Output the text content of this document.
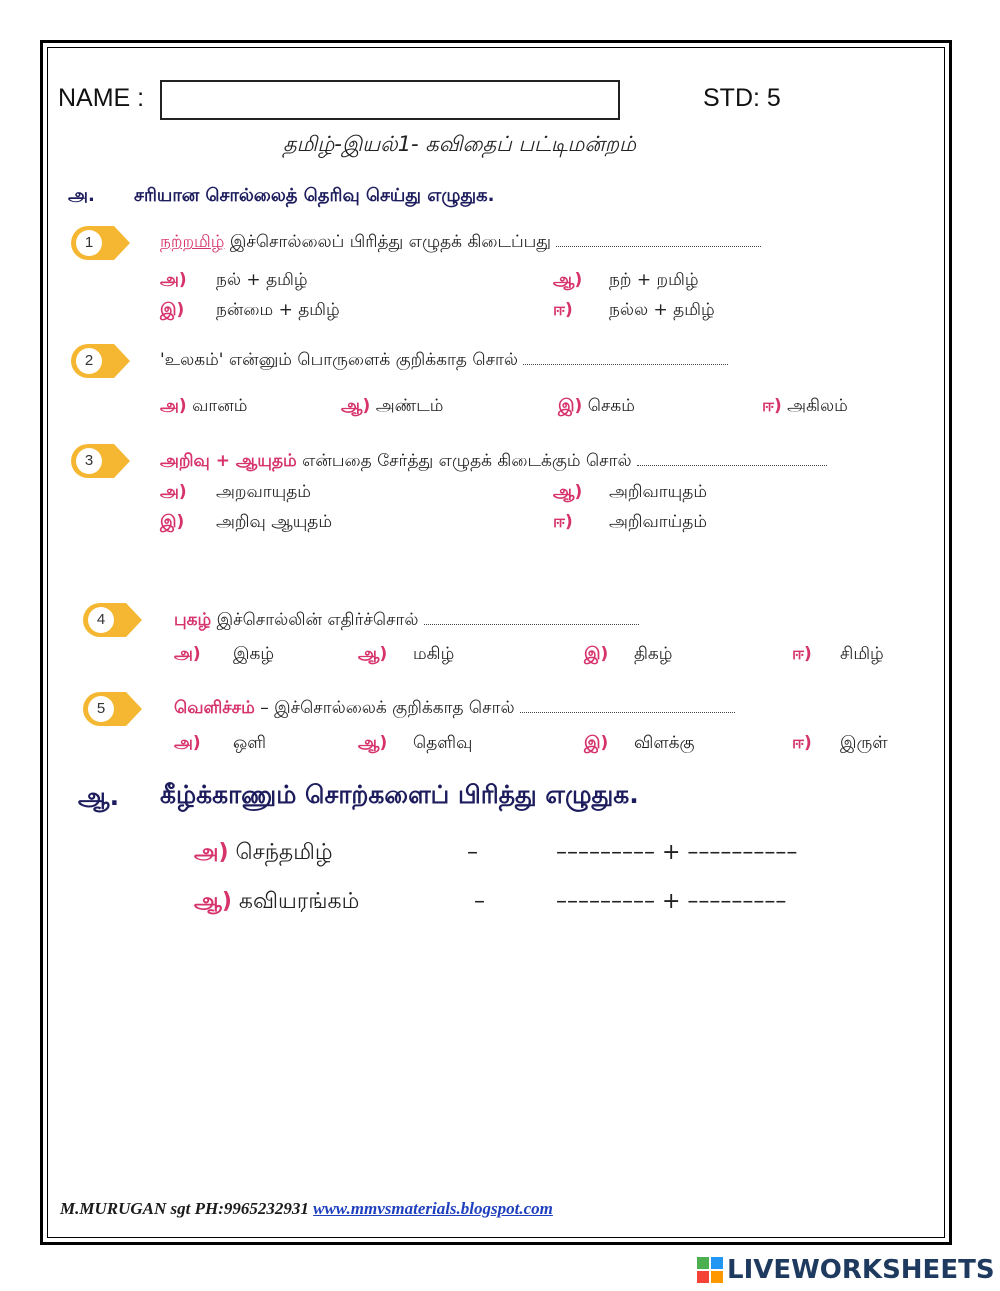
NAME :	STD: 5
தமிழ்-இயல்1- கவிதைப் பட்டிமன்றம்
அ. சரியான சொல்லைத் தெரிவு செய்து எழுதுக.
1	நற்றமிழ் இச்சொல்லைப் பிரித்து எழுதக் கிடைப்பது
அ) நல் + தமிழ்	ஆ) நற் + றமிழ்
இ) நன்மை + தமிழ்	ஈ) நல்ல + தமிழ்
2	'உலகம்' என்னும் பொருளைக் குறிக்காத சொல்
அ) வானம்	ஆ) அண்டம்	இ) செகம்	ஈ) அகிலம்
3	அறிவு + ஆயுதம் என்பதை சேர்த்து எழுதக் கிடைக்கும் சொல்
அ) அறவாயுதம்	ஆ) அறிவாயுதம்
இ) அறிவு ஆயுதம்	ஈ) அறிவாய்தம்
4	புகழ் இச்சொல்லின் எதிர்ச்சொல்
அ) இகழ்	ஆ) மகிழ்	இ) திகழ்	ஈ) சிமிழ்
5	வெளிச்சம் – இச்சொல்லைக் குறிக்காத சொல்
அ) ஒளி	ஆ) தெளிவு	இ) விளக்கு	ஈ) இருள்
ஆ. கீழ்க்காணும் சொற்களைப் பிரித்து எழுதுக.
அ) செந்தமிழ்	–	––––––––– + ––––––––––
ஆ) கவியரங்கம்	–	––––––––– + –––––––––
M.MURUGAN sgt PH:9965232931 www.mmvsmaterials.blogspot.com
LIVEWORKSHEETS
